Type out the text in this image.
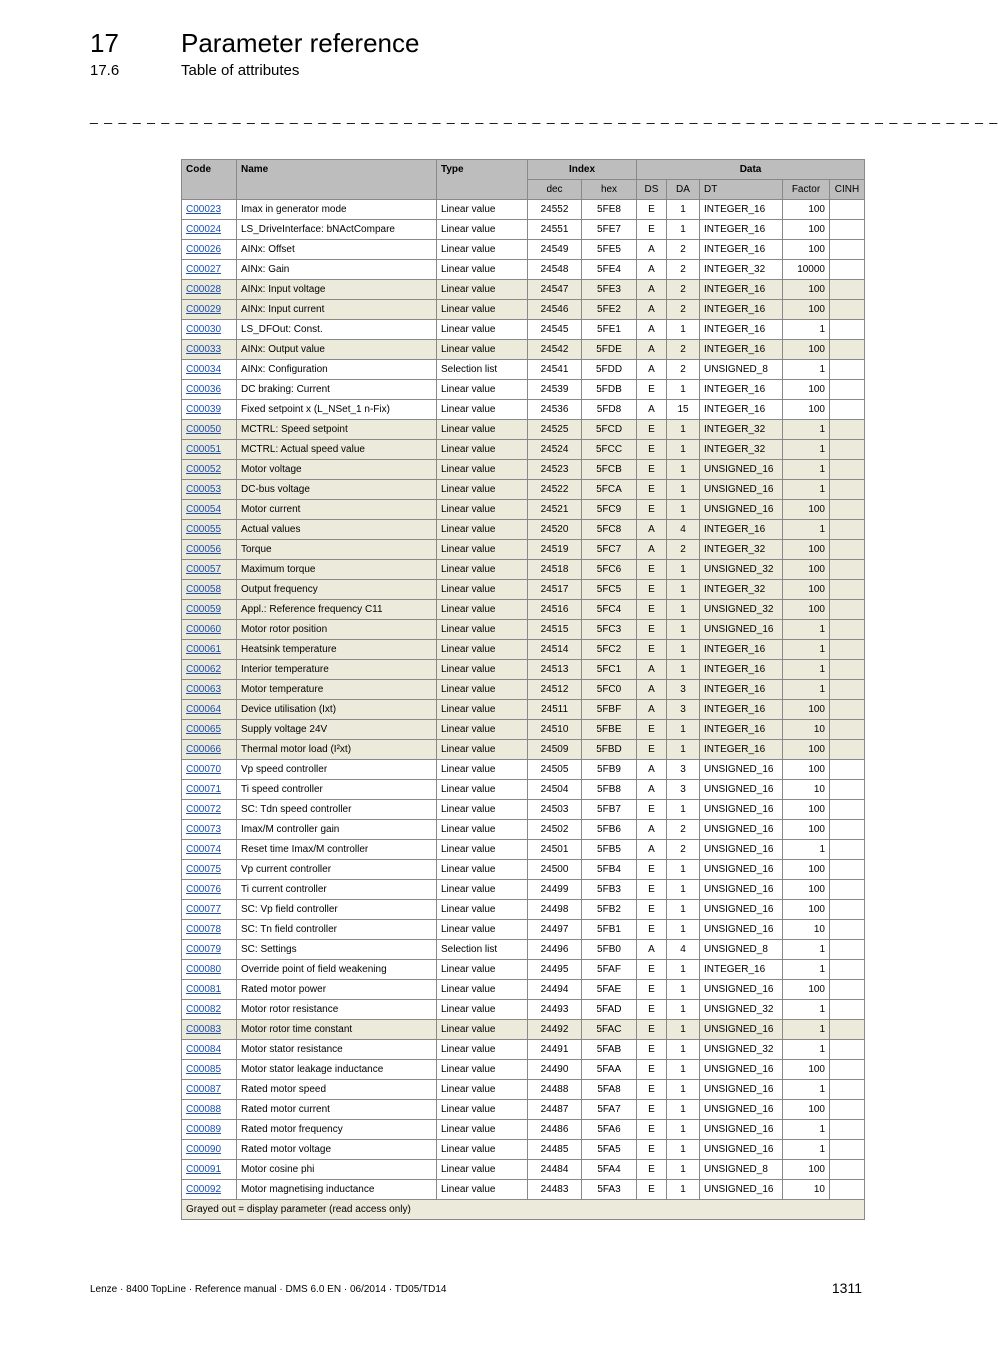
17 Parameter reference
17.6	Table of attributes
_ _ _ _ _ _ _ _ _ _ _ _ _ _ _ _ _ _ _ _ _ _ _ _ _ _ _ _ _ _ _ _ _ _ _ _ _ _ _ _ _ _ _ _ _ _ _ _ _ _ _ _ _ _ _ _ _ _ _ _ _ _ _ _
Code	Name	Type	Index		Data				
			dec	hex	DS	DA	DT	Factor	CINH
C00023	Imax in generator mode	Linear value	24552	5FE8	E	1	INTEGER_16	100	
C00024	LS_DriveInterface: bNActCompare	Linear value	24551	5FE7	E	1	INTEGER_16	100	
C00026	AINx: Offset	Linear value	24549	5FE5	A	2	INTEGER_16	100	
C00027	AINx: Gain	Linear value	24548	5FE4	A	2	INTEGER_32	10000	
C00028	AINx: Input voltage	Linear value	24547	5FE3	A	2	INTEGER_16	100	
C00029	AINx: Input current	Linear value	24546	5FE2	A	2	INTEGER_16	100	
C00030	LS_DFOut: Const.	Linear value	24545	5FE1	A	1	INTEGER_16	1	
C00033	AINx: Output value	Linear value	24542	5FDE	A	2	INTEGER_16	100	
C00034	AINx: Configuration	Selection list	24541	5FDD	A	2	UNSIGNED_8	1	
C00036	DC braking: Current	Linear value	24539	5FDB	E	1	INTEGER_16	100	
C00039	Fixed setpoint x (L_NSet_1 n-Fix)	Linear value	24536	5FD8	A	15	INTEGER_16	100	
C00050	MCTRL: Speed setpoint	Linear value	24525	5FCD	E	1	INTEGER_32	1	
C00051	MCTRL: Actual speed value	Linear value	24524	5FCC	E	1	INTEGER_32	1	
C00052	Motor voltage	Linear value	24523	5FCB	E	1	UNSIGNED_16	1	
C00053	DC-bus voltage	Linear value	24522	5FCA	E	1	UNSIGNED_16	1	
C00054	Motor current	Linear value	24521	5FC9	E	1	UNSIGNED_16	100	
C00055	Actual values	Linear value	24520	5FC8	A	4	INTEGER_16	1	
C00056	Torque	Linear value	24519	5FC7	A	2	INTEGER_32	100	
C00057	Maximum torque	Linear value	24518	5FC6	E	1	UNSIGNED_32	100	
C00058	Output frequency	Linear value	24517	5FC5	E	1	INTEGER_32	100	
C00059	Appl.: Reference frequency C11	Linear value	24516	5FC4	E	1	UNSIGNED_32	100	
C00060	Motor rotor position	Linear value	24515	5FC3	E	1	UNSIGNED_16	1	
C00061	Heatsink temperature	Linear value	24514	5FC2	E	1	INTEGER_16	1	
C00062	Interior temperature	Linear value	24513	5FC1	A	1	INTEGER_16	1	
C00063	Motor temperature	Linear value	24512	5FC0	A	3	INTEGER_16	1	
C00064	Device utilisation (Ixt)	Linear value	24511	5FBF	A	3	INTEGER_16	100	
C00065	Supply voltage 24V	Linear value	24510	5FBE	E	1	INTEGER_16	10	
C00066	Thermal motor load (I²xt)	Linear value	24509	5FBD	E	1	INTEGER_16	100	
C00070	Vp speed controller	Linear value	24505	5FB9	A	3	UNSIGNED_16	100	
C00071	Ti speed controller	Linear value	24504	5FB8	A	3	UNSIGNED_16	10	
C00072	SC: Tdn speed controller	Linear value	24503	5FB7	E	1	UNSIGNED_16	100	
C00073	Imax/M controller gain	Linear value	24502	5FB6	A	2	UNSIGNED_16	100	
C00074	Reset time Imax/M controller	Linear value	24501	5FB5	A	2	UNSIGNED_16	1	
C00075	Vp current controller	Linear value	24500	5FB4	E	1	UNSIGNED_16	100	
C00076	Ti current controller	Linear value	24499	5FB3	E	1	UNSIGNED_16	100	
C00077	SC: Vp field controller	Linear value	24498	5FB2	E	1	UNSIGNED_16	100	
C00078	SC: Tn field controller	Linear value	24497	5FB1	E	1	UNSIGNED_16	10	
C00079	SC: Settings	Selection list	24496	5FB0	A	4	UNSIGNED_8	1	
C00080	Override point of field weakening	Linear value	24495	5FAF	E	1	INTEGER_16	1	
C00081	Rated motor power	Linear value	24494	5FAE	E	1	UNSIGNED_16	100	
C00082	Motor rotor resistance	Linear value	24493	5FAD	E	1	UNSIGNED_32	1	
C00083	Motor rotor time constant	Linear value	24492	5FAC	E	1	UNSIGNED_16	1	
C00084	Motor stator resistance	Linear value	24491	5FAB	E	1	UNSIGNED_32	1	
C00085	Motor stator leakage inductance	Linear value	24490	5FAA	E	1	UNSIGNED_16	100	
C00087	Rated motor speed	Linear value	24488	5FA8	E	1	UNSIGNED_16	1	
C00088	Rated motor current	Linear value	24487	5FA7	E	1	UNSIGNED_16	100	
C00089	Rated motor frequency	Linear value	24486	5FA6	E	1	UNSIGNED_16	1	
C00090	Rated motor voltage	Linear value	24485	5FA5	E	1	UNSIGNED_16	1	
C00091	Motor cosine phi	Linear value	24484	5FA4	E	1	UNSIGNED_8	100	
C00092	Motor magnetising inductance	Linear value	24483	5FA3	E	1	UNSIGNED_16	10	
Grayed out = display parameter (read access only)									
Lenze · 8400 TopLine · Reference manual · DMS 6.0 EN · 06/2014 · TD05/TD14	1311
